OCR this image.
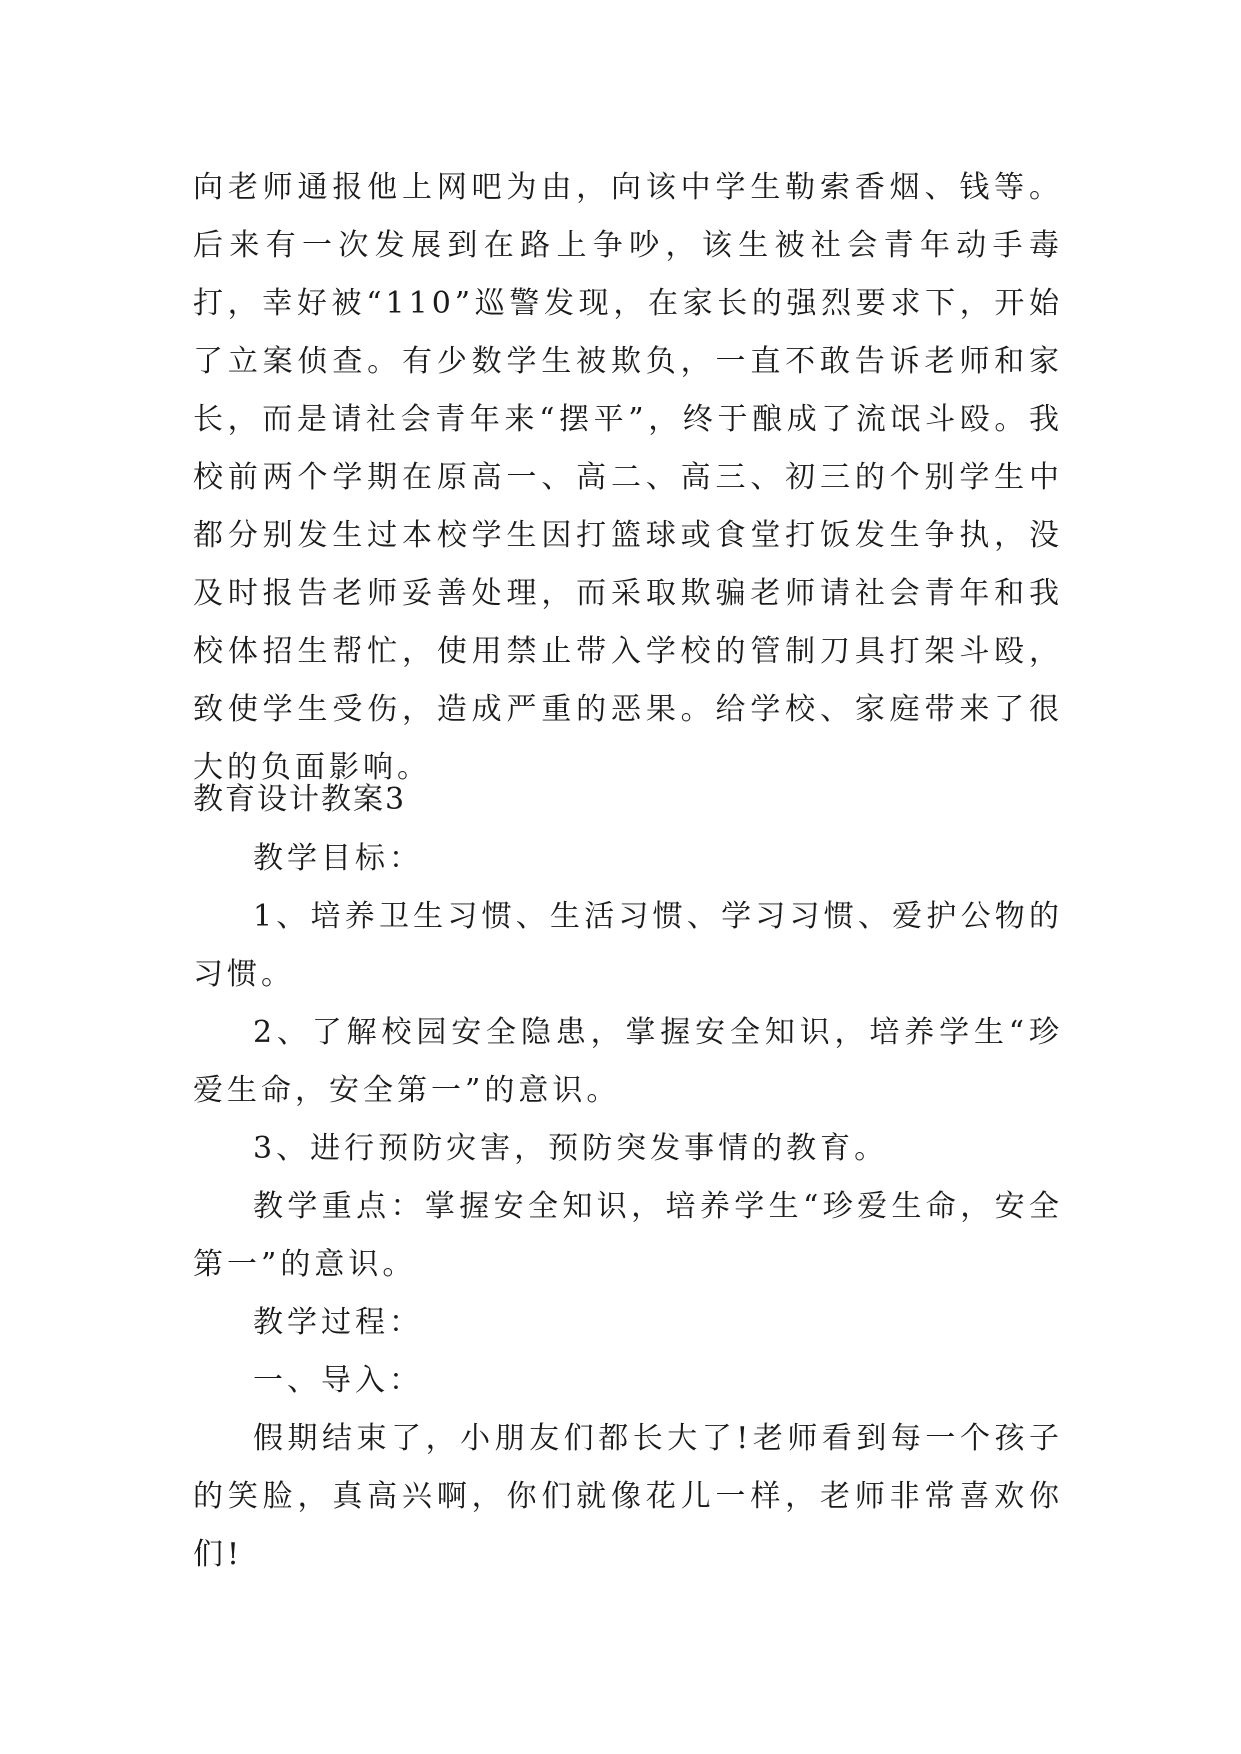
向老师通报他上网吧为由，向该中学生勒索香烟、钱等。后来有一次发展到在路上争吵，该生被社会青年动手毒打，幸好被“110”巡警发现，在家长的强烈要求下，开始了立案侦查。有少数学生被欺负，一直不敢告诉老师和家长，而是请社会青年来“摆平”，终于酿成了流氓斗殴。我校前两个学期在原高一、高二、高三、初三的个别学生中都分别发生过本校学生因打篮球或食堂打饭发生争执，没及时报告老师妥善处理，而采取欺骗老师请社会青年和我校体招生帮忙，使用禁止带入学校的管制刀具打架斗殴，致使学生受伤，造成严重的恶果。给学校、家庭带来了很大的负面影响。

教育设计教案3

教学目标：

1、培养卫生习惯、生活习惯、学习习惯、爱护公物的习惯。

2、了解校园安全隐患，掌握安全知识，培养学生“珍爱生命，安全第一”的意识。

3、进行预防灾害，预防突发事情的教育。

教学重点：掌握安全知识，培养学生“珍爱生命，安全第一”的意识。

教学过程：

一、导入：

假期结束了，小朋友们都长大了!老师看到每一个孩子的笑脸，真高兴啊，你们就像花儿一样，老师非常喜欢你们!
